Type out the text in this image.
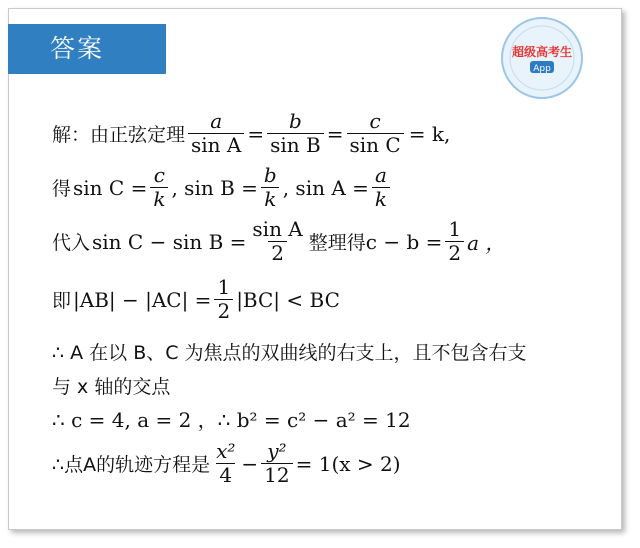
答案	超级高考生
App
解：由正弦定理 $\frac{a}{\text{sin A}} = \frac{b}{\text{sin B}} = \frac{c}{\text{sin C}} = k$,
得 $\sin C = \frac{c}{k}$ , $\sin B = \frac{b}{k}$ , $\sin A = \frac{a}{k}$
代入 $\sin C - \sin B = \frac{\text{sin A}}{2}$ 整理得 $c - b = \frac{1}{2}$ a ，
即 $|AB| - |AC| = \frac{1}{2} |BC|$ < BC
∴ A 在以 B、C 为焦点的双曲线的右支上，且不包含右支
与 x 轴的交点
∴ c = 4, a = 2 ，∴ b² = c² − a² = 12
∴点A的轨迹方程是 $\frac{\text{x²}}{4} - \frac{\text{y²}}{12} = 1(x > 2)$
